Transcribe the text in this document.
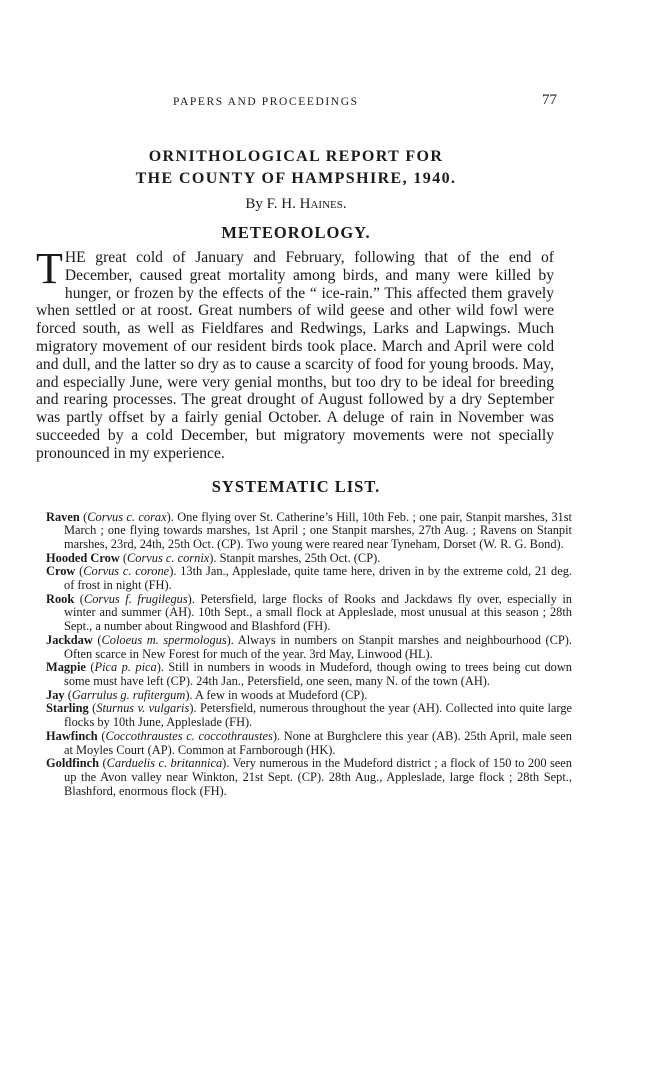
PAPERS AND PROCEEDINGS	77
ORNITHOLOGICAL REPORT FOR
THE COUNTY OF HAMPSHIRE, 1940.
By F. H. Haines.
METEOROLOGY.
THE great cold of January and February, following that of the end of December, caused great mortality among birds, and many were killed by hunger, or frozen by the effects of the “ ice-rain.” This affected them gravely when settled or at roost. Great numbers of wild geese and other wild fowl were forced south, as well as Fieldfares and Redwings, Larks and Lapwings. Much migratory movement of our resident birds took place. March and April were cold and dull, and the latter so dry as to cause a scarcity of food for young broods. May, and especially June, were very genial months, but too dry to be ideal for breeding and rearing processes. The great drought of August followed by a dry September was partly offset by a fairly genial October. A deluge of rain in November was succeeded by a cold December, but migratory movements were not specially pronounced in my experience.
SYSTEMATIC LIST.
Raven (Corvus c. corax). One flying over St. Catherine’s Hill, 10th Feb. ; one pair, Stanpit marshes, 31st March ; one flying towards marshes, 1st April ; one Stanpit marshes, 27th Aug. ; Ravens on Stanpit marshes, 23rd, 24th, 25th Oct. (CP). Two young were reared near Tyneham, Dorset (W. R. G. Bond).
Hooded Crow (Corvus c. cornix). Stanpit marshes, 25th Oct. (CP).
Crow (Corvus c. corone). 13th Jan., Appleslade, quite tame here, driven in by the extreme cold, 21 deg. of frost in night (FH).
Rook (Corvus f. frugilegus). Petersfield, large flocks of Rooks and Jackdaws fly over, especially in winter and summer (AH). 10th Sept., a small flock at Appleslade, most unusual at this season ; 28th Sept., a number about Ringwood and Blashford (FH).
Jackdaw (Coloeus m. spermologus). Always in numbers on Stanpit marshes and neighbourhood (CP). Often scarce in New Forest for much of the year. 3rd May, Linwood (HL).
Magpie (Pica p. pica). Still in numbers in woods in Mudeford, though owing to trees being cut down some must have left (CP). 24th Jan., Petersfield, one seen, many N. of the town (AH).
Jay (Garrulus g. rufitergum). A few in woods at Mudeford (CP).
Starling (Sturnus v. vulgaris). Petersfield, numerous throughout the year (AH). Collected into quite large flocks by 10th June, Appleslade (FH).
Hawfinch (Coccothraustes c. coccothraustes). None at Burghclere this year (AB). 25th April, male seen at Moyles Court (AP). Common at Farnborough (HK).
Goldfinch (Carduelis c. britannica). Very numerous in the Mudeford district ; a flock of 150 to 200 seen up the Avon valley near Winkton, 21st Sept. (CP). 28th Aug., Appleslade, large flock ; 28th Sept., Blashford, enormous flock (FH).
